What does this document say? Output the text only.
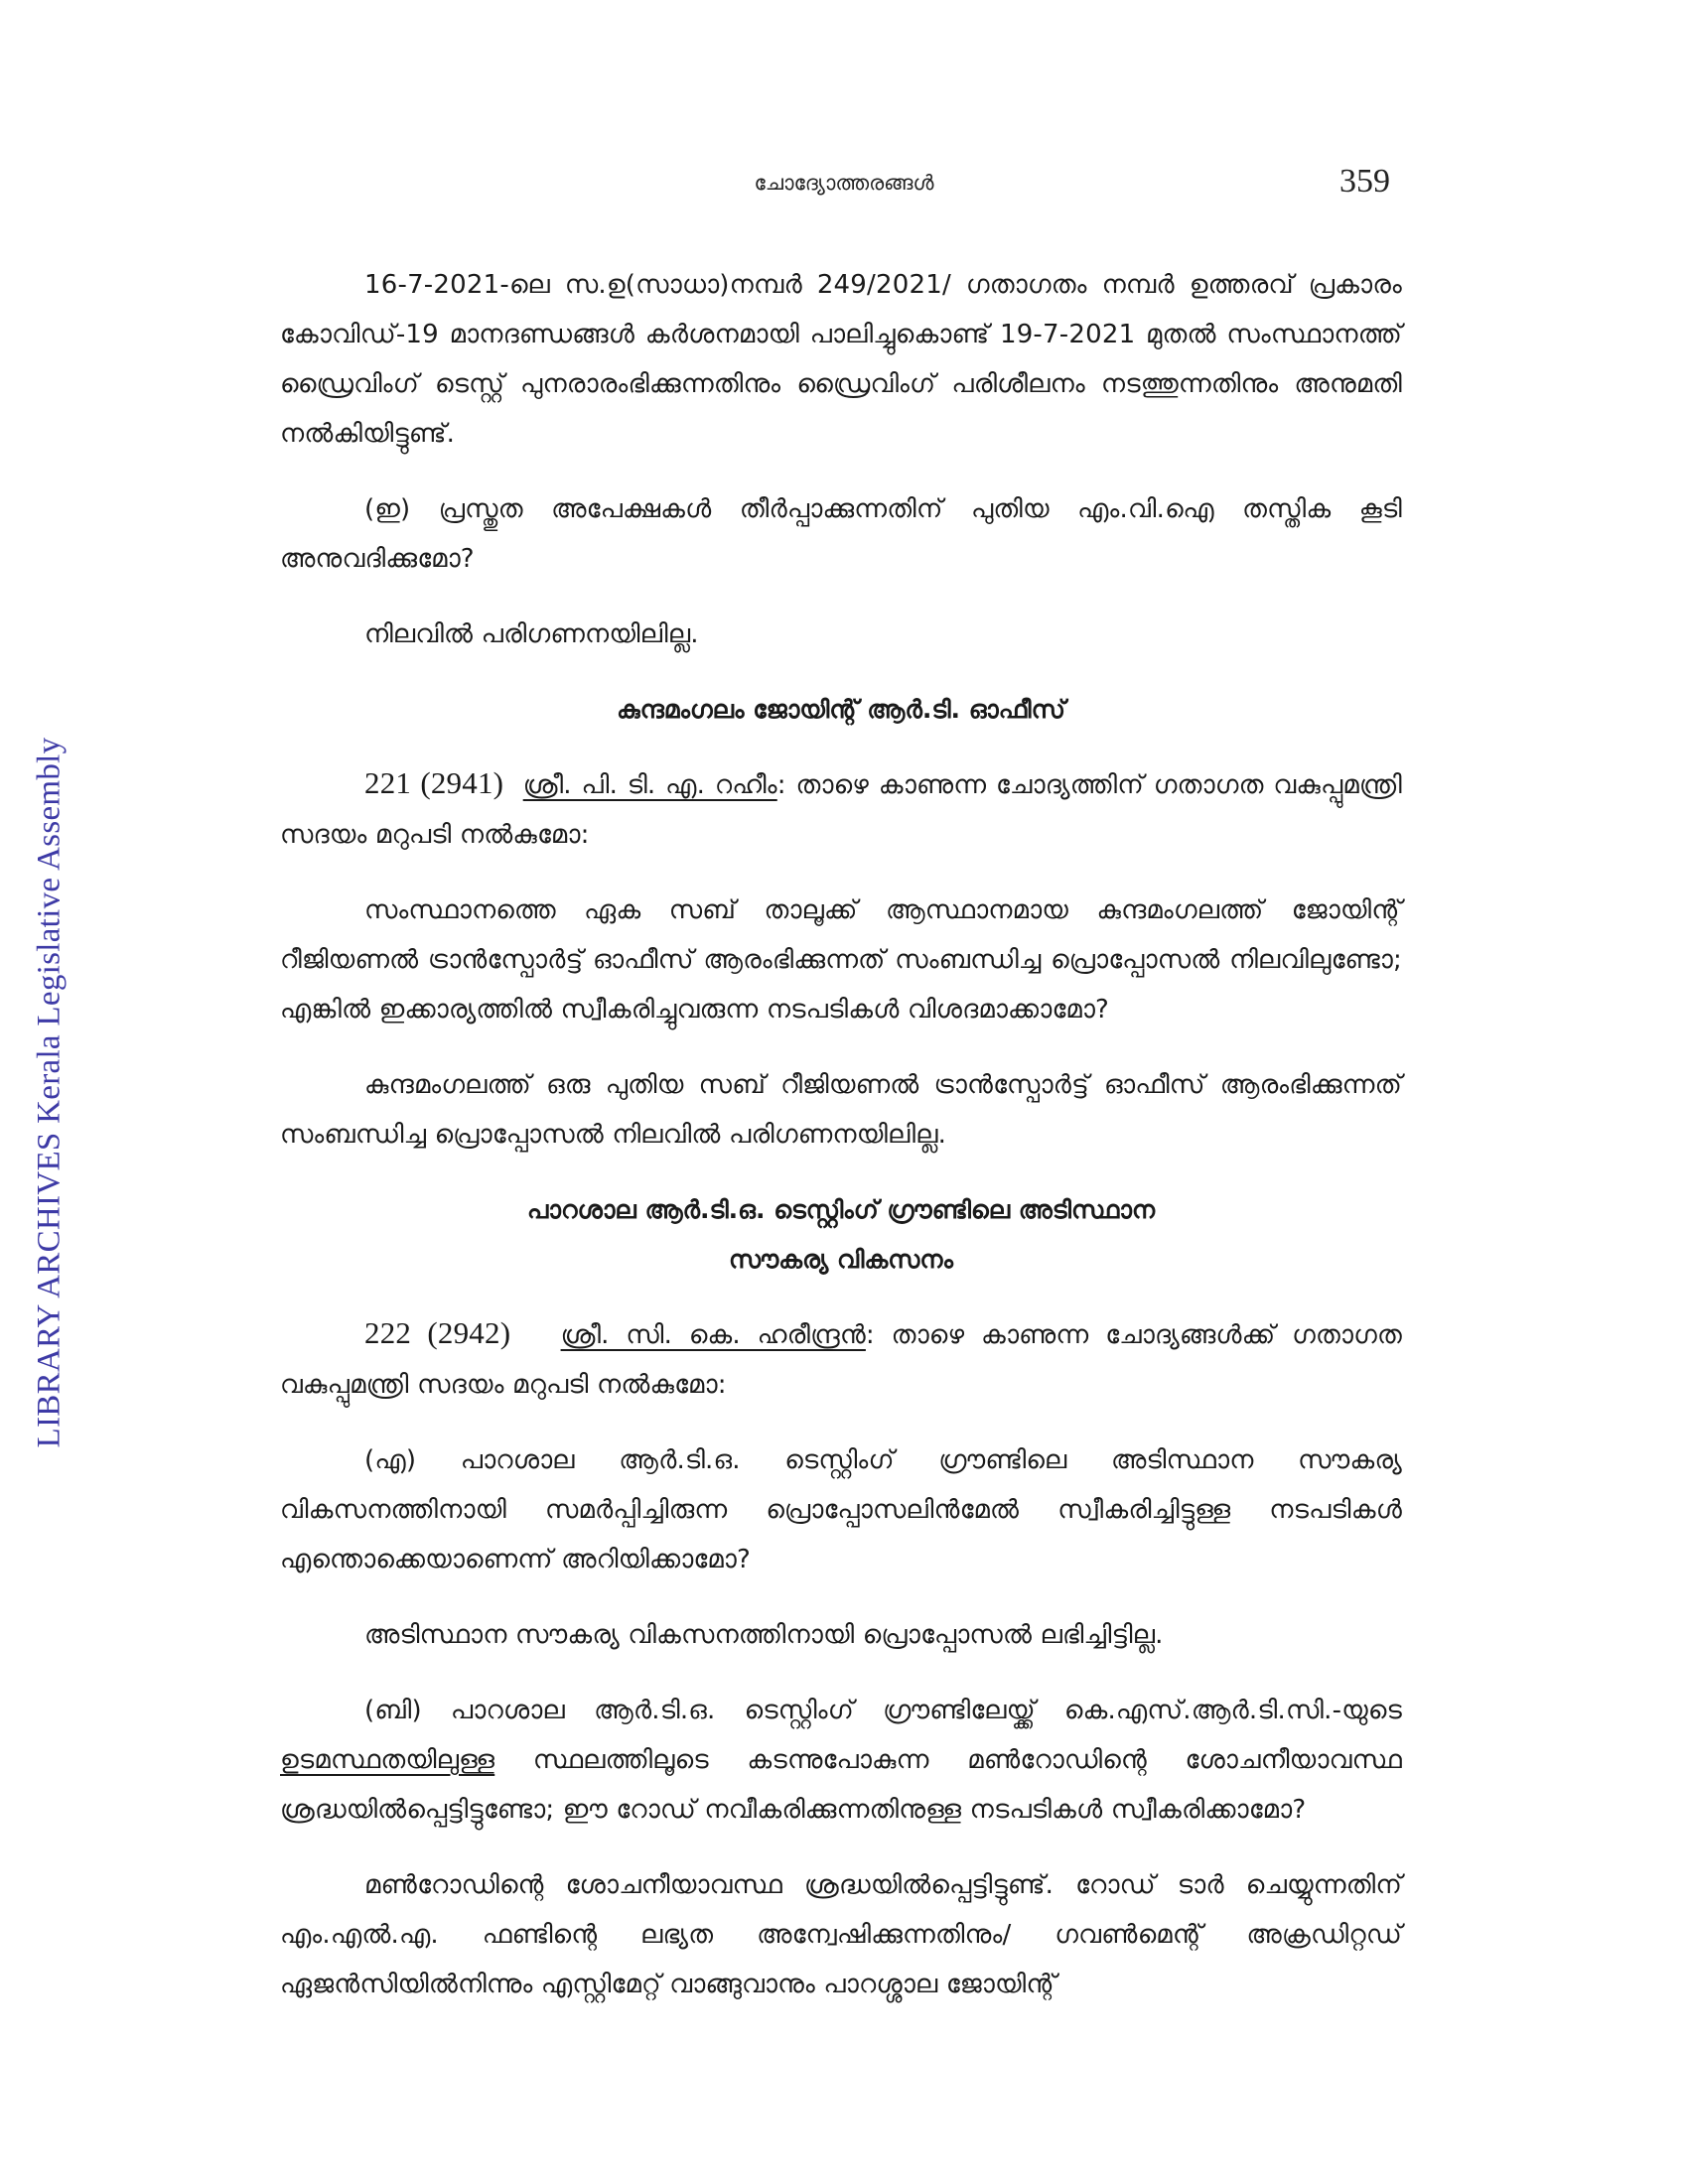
LIBRARY ARCHIVES Kerala Legislative Assembly
ചോദ്യോത്തരങ്ങൾ	359

16-7-2021-ലെ സ.ഉ(സാധാ)നമ്പർ 249/2021/ ഗതാഗതം നമ്പർ ഉത്തരവ് പ്രകാരം കോവിഡ്-19 മാനദണ്ഡങ്ങൾ കർശനമായി പാലിച്ചുകൊണ്ട് 19-7-2021 മുതൽ സംസ്ഥാനത്ത് ഡ്രൈവിംഗ് ടെസ്റ്റ് പുനരാരംഭിക്കുന്നതിനും ഡ്രൈവിംഗ് പരിശീലനം നടത്തുന്നതിനും അനുമതി നൽകിയിട്ടുണ്ട്.

(ഇ) പ്രസ്തുത അപേക്ഷകൾ തീർപ്പാക്കുന്നതിന് പുതിയ എം.വി.ഐ തസ്തിക കൂടി അനുവദിക്കുമോ?

നിലവിൽ പരിഗണനയിലില്ല.

കുന്ദമംഗലം ജോയിന്റ് ആർ.ടി. ഓഫീസ്

221 (2941) ശ്രീ. പി. ടി. എ. റഹീം: താഴെ കാണുന്ന ചോദ്യത്തിന് ഗതാഗത വകുപ്പുമന്ത്രി സദയം മറുപടി നൽകുമോ:

സംസ്ഥാനത്തെ ഏക സബ് താലൂക്ക് ആസ്ഥാനമായ കുന്ദമംഗലത്ത് ജോയിന്റ് റീജിയണൽ ട്രാൻസ്പോർട്ട് ഓഫീസ് ആരംഭിക്കുന്നത് സംബന്ധിച്ച പ്രൊപ്പോസൽ നിലവിലുണ്ടോ; എങ്കിൽ ഇക്കാര്യത്തിൽ സ്വീകരിച്ചുവരുന്ന നടപടികൾ വിശദമാക്കാമോ?

കുന്ദമംഗലത്ത് ഒരു പുതിയ സബ് റീജിയണൽ ട്രാൻസ്പോർട്ട് ഓഫീസ് ആരംഭിക്കുന്നത് സംബന്ധിച്ച പ്രൊപ്പോസൽ നിലവിൽ പരിഗണനയിലില്ല.

പാറശാല ആർ.ടി.ഒ. ടെസ്റ്റിംഗ് ഗ്രൗണ്ടിലെ അടിസ്ഥാന
സൗകര്യ വികസനം

222 (2942) ശ്രീ. സി. കെ. ഹരീന്ദ്രൻ: താഴെ കാണുന്ന ചോദ്യങ്ങൾക്ക് ഗതാഗത വകുപ്പുമന്ത്രി സദയം മറുപടി നൽകുമോ:

(എ) പാറശാല ആർ.ടി.ഒ. ടെസ്റ്റിംഗ് ഗ്രൗണ്ടിലെ അടിസ്ഥാന സൗകര്യ വികസനത്തിനായി സമർപ്പിച്ചിരുന്ന പ്രൊപ്പോസലിൻമേൽ സ്വീകരിച്ചിട്ടുള്ള നടപടികൾ എന്തൊക്കെയാണെന്ന് അറിയിക്കാമോ?

അടിസ്ഥാന സൗകര്യ വികസനത്തിനായി പ്രൊപ്പോസൽ ലഭിച്ചിട്ടില്ല.

(ബി) പാറശാല ആർ.ടി.ഒ. ടെസ്റ്റിംഗ് ഗ്രൗണ്ടിലേയ്ക്ക് കെ.എസ്.ആർ.ടി.സി.-യുടെ ഉടമസ്ഥതയിലുള്ള സ്ഥലത്തിലൂടെ കടന്നുപോകുന്ന മൺറോഡിന്റെ ശോചനീയാവസ്ഥ ശ്രദ്ധയിൽപ്പെട്ടിട്ടുണ്ടോ; ഈ റോഡ് നവീകരിക്കുന്നതിനുള്ള നടപടികൾ സ്വീകരിക്കാമോ?

മൺറോഡിന്റെ ശോചനീയാവസ്ഥ ശ്രദ്ധയിൽപ്പെട്ടിട്ടുണ്ട്. റോഡ് ടാർ ചെയ്യുന്നതിന് എം.എൽ.എ. ഫണ്ടിന്റെ ലഭ്യത അന്വേഷിക്കുന്നതിനും/ ഗവൺമെന്റ് അക്രഡിറ്റഡ് ഏജൻസിയിൽനിന്നും എസ്റ്റിമേറ്റ് വാങ്ങുവാനും പാറശ്ശാല ജോയിന്റ്
